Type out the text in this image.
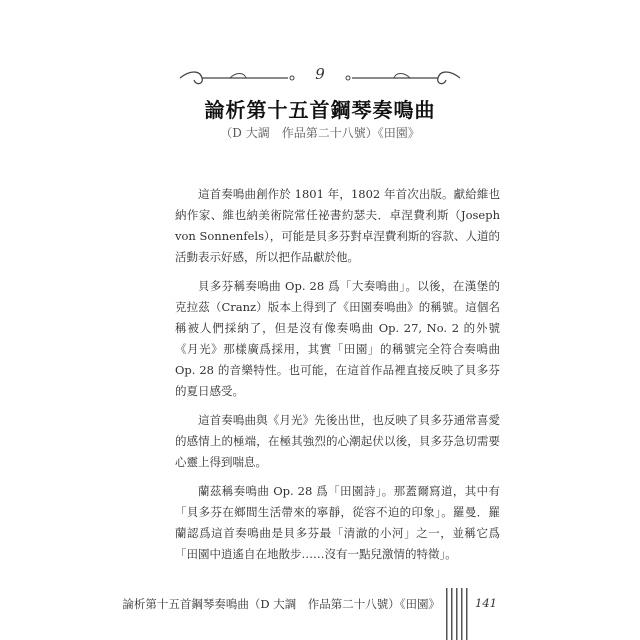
9
論析第十五首鋼琴奏鳴曲
（D 大調　作品第二十八號）《田園》

這首奏鳴曲創作於 1801 年，1802 年首次出版。獻給維也納作家、維也納美術院常任祕書約瑟夫．卓涅費利斯（Joseph von Sonnenfels），可能是貝多芬對卓涅費利斯的容款、人道的活動表示好感，所以把作品獻於他。

貝多芬稱奏鳴曲 Op. 28 爲「大奏鳴曲」。以後，在漢堡的克拉茲（Cranz）版本上得到了《田園奏鳴曲》的稱號。這個名稱被人們採納了，但是沒有像奏鳴曲 Op. 27, No. 2 的外號《月光》那樣廣爲採用，其實「田園」的稱號完全符合奏鳴曲 Op. 28 的音樂特性。也可能，在這首作品裡直接反映了貝多芬的夏日感受。

這首奏鳴曲與《月光》先後出世，也反映了貝多芬通常喜愛的感情上的極端，在極其強烈的心潮起伏以後，貝多芬急切需要心靈上得到喘息。

蘭茲稱奏鳴曲 Op. 28 爲「田園詩」。那蓋爾寫道，其中有「貝多芬在鄉間生活帶來的寧靜，從容不迫的印象」。羅曼．羅蘭認爲這首奏鳴曲是貝多芬最「清澈的小河」之一，並稱它爲「田園中逍遙自在地散步……沒有一點兒激情的特徵」。

論析第十五首鋼琴奏鳴曲（D 大調　作品第二十八號）《田園》	141
